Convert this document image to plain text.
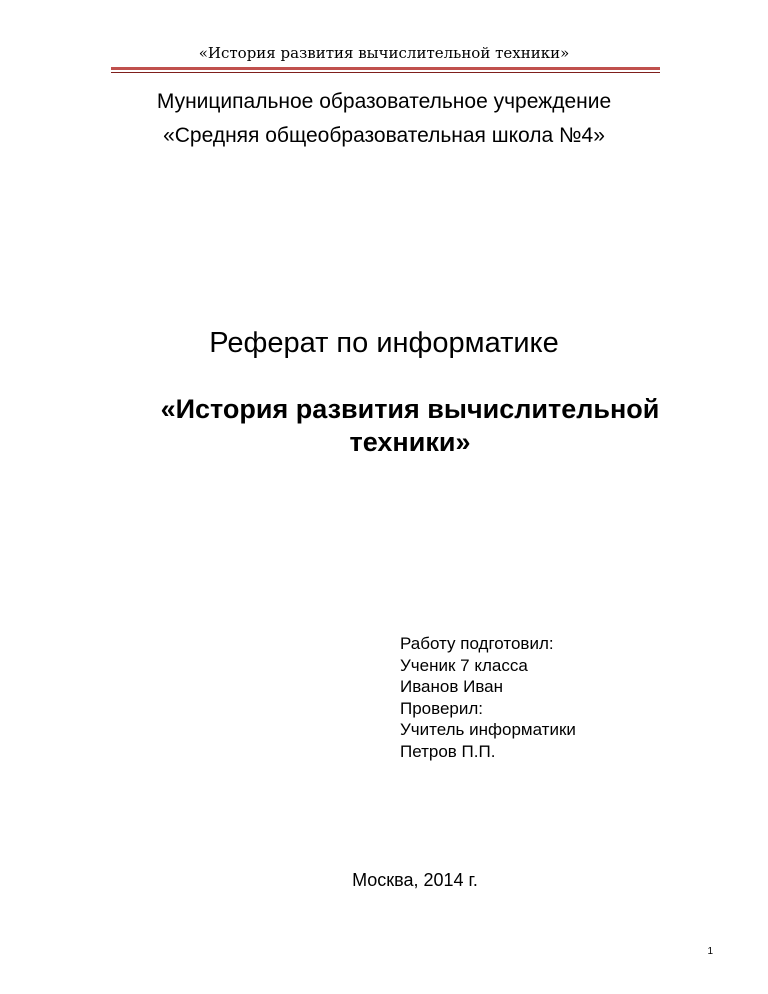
«История развития вычислительной техники»
Муниципальное образовательное учреждение
«Средняя общеобразовательная школа №4»
Реферат по информатике
«История развития вычислительной техники»
Работу подготовил:
Ученик 7 класса
Иванов Иван
Проверил:
Учитель информатики
Петров П.П.
Москва, 2014 г.
1
